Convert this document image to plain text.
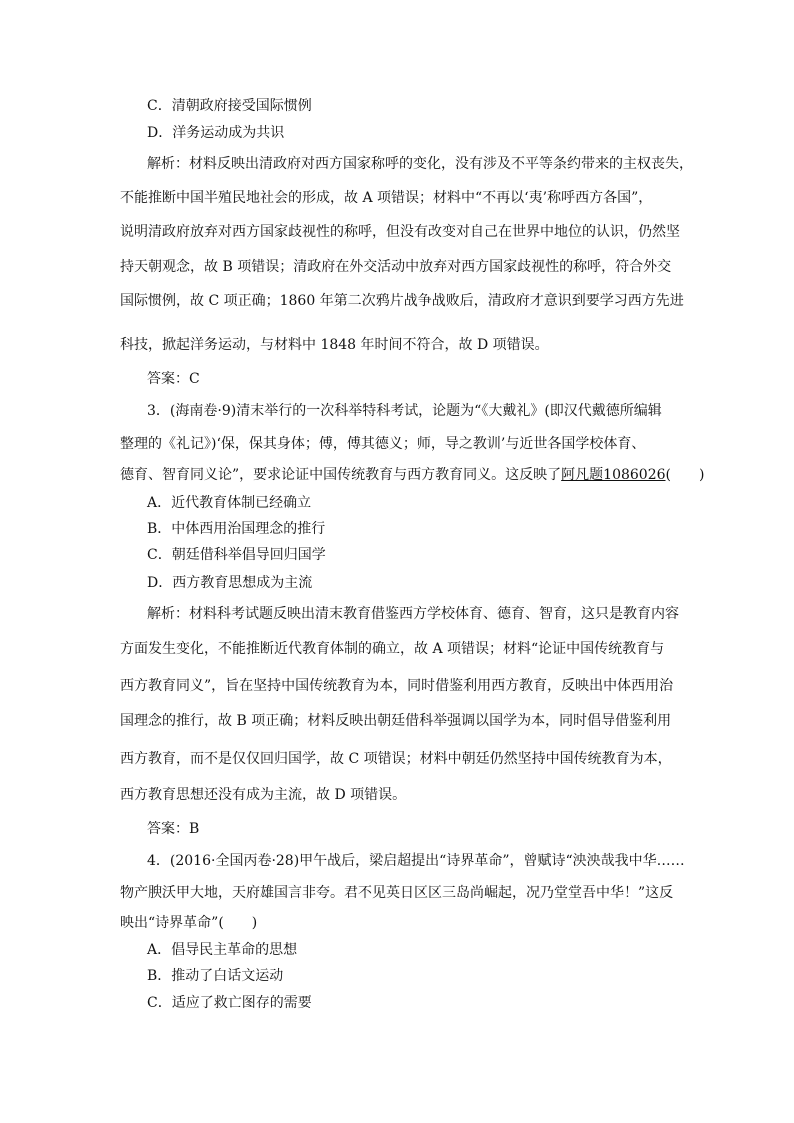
C．清朝政府接受国际惯例
D．洋务运动成为共识
解析：材料反映出清政府对西方国家称呼的变化，没有涉及不平等条约带来的主权丧失，
不能推断中国半殖民地社会的形成，故 A 项错误；材料中“不再以‘夷’称呼西方各国”，
说明清政府放弃对西方国家歧视性的称呼，但没有改变对自己在世界中地位的认识，仍然坚
持天朝观念，故 B 项错误；清政府在外交活动中放弃对西方国家歧视性的称呼，符合外交
国际惯例，故 C 项正确；1860 年第二次鸦片战争战败后，清政府才意识到要学习西方先进
科技，掀起洋务运动，与材料中 1848 年时间不符合，故 D 项错误。
答案：C
3．(海南卷·9)清末举行的一次科举特科考试，论题为“《大戴礼》(即汉代戴德所编辑
整理的《礼记》)‘保，保其身体；傅，傅其德义；师，导之教训’与近世各国学校体育、
德育、智育同义论”，要求论证中国传统教育与西方教育同义。这反映了阿凡题1086026(　　)
A．近代教育体制已经确立
B．中体西用治国理念的推行
C．朝廷借科举倡导回归国学
D．西方教育思想成为主流
解析：材料科考试题反映出清末教育借鉴西方学校体育、德育、智育，这只是教育内容
方面发生变化，不能推断近代教育体制的确立，故 A 项错误；材料“论证中国传统教育与
西方教育同义”，旨在坚持中国传统教育为本，同时借鉴利用西方教育，反映出中体西用治
国理念的推行，故 B 项正确；材料反映出朝廷借科举强调以国学为本，同时倡导借鉴利用
西方教育，而不是仅仅回归国学，故 C 项错误；材料中朝廷仍然坚持中国传统教育为本，
西方教育思想还没有成为主流，故 D 项错误。
答案：B
4．(2016·全国丙卷·28)甲午战后，梁启超提出“诗界革命”，曾赋诗“泱泱哉我中华……
物产腴沃甲大地，天府雄国言非夸。君不见英日区区三岛尚崛起，况乃堂堂吾中华！”这反
映出“诗界革命”(　　)
A．倡导民主革命的思想
B．推动了白话文运动
C．适应了救亡图存的需要
